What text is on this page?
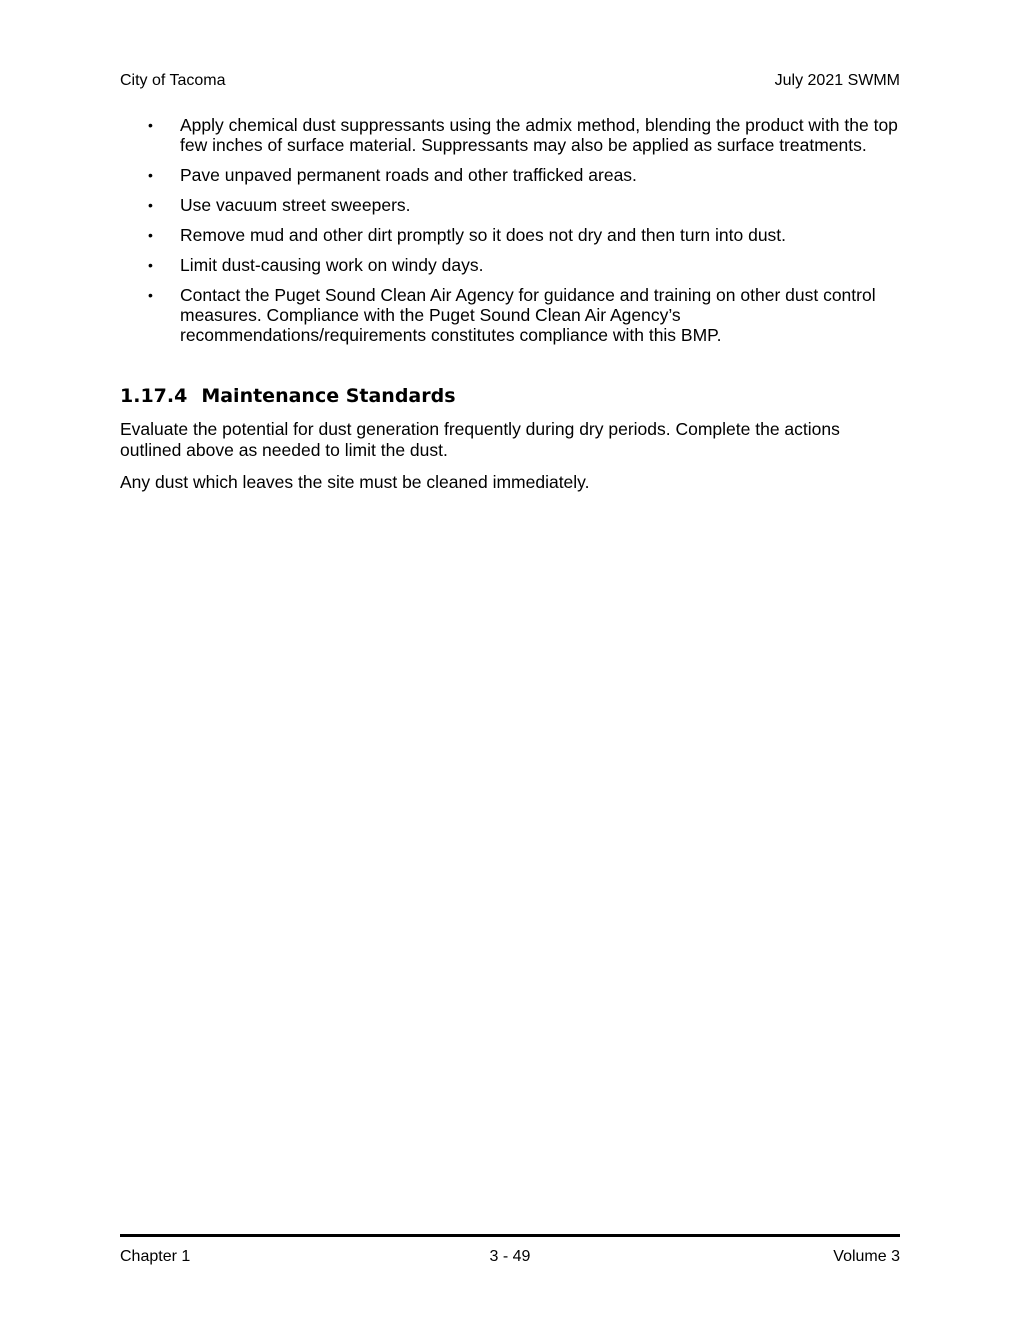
City of Tacoma	July 2021 SWMM
• Apply chemical dust suppressants using the admix method, blending the product with the top few inches of surface material. Suppressants may also be applied as surface treatments.
• Pave unpaved permanent roads and other trafficked areas.
• Use vacuum street sweepers.
• Remove mud and other dirt promptly so it does not dry and then turn into dust.
• Limit dust-causing work on windy days.
• Contact the Puget Sound Clean Air Agency for guidance and training on other dust control measures. Compliance with the Puget Sound Clean Air Agency’s recommendations/requirements constitutes compliance with this BMP.
1.17.4 Maintenance Standards

Evaluate the potential for dust generation frequently during dry periods. Complete the actions outlined above as needed to limit the dust.

Any dust which leaves the site must be cleaned immediately.

Chapter 1	3 - 49	Volume 3
